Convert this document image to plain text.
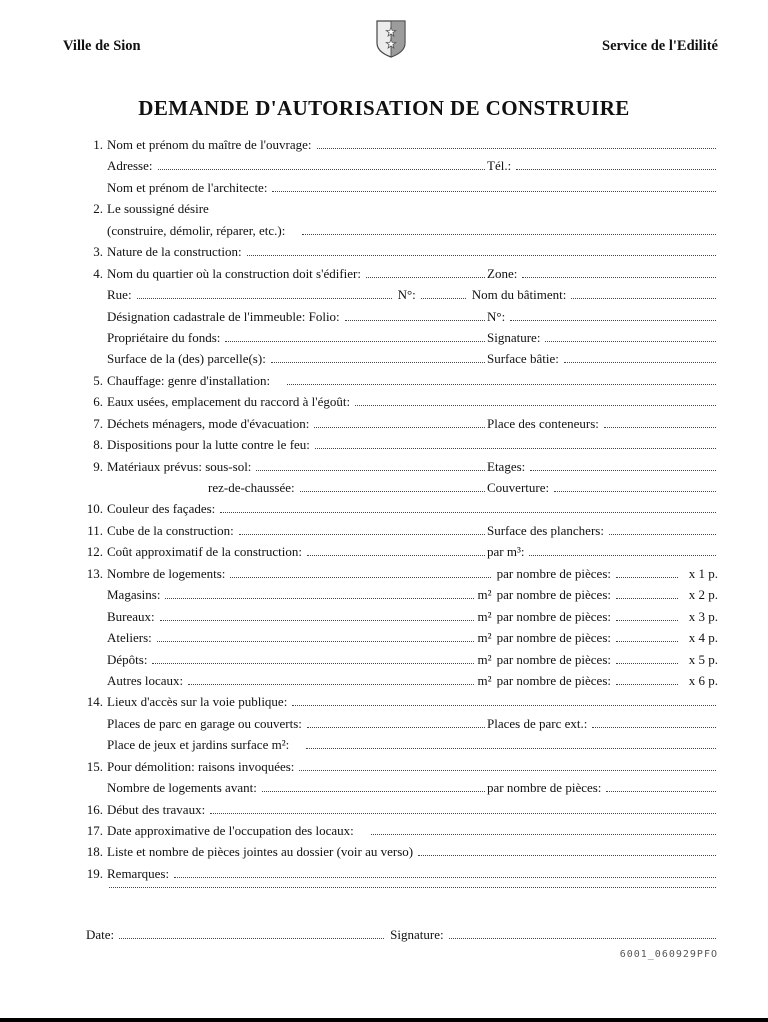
Ville de Sion	Service de l'Edilité
DEMANDE D'AUTORISATION DE CONSTRUIRE
1. Nom et prénom du maître de l'ouvrage:
Adresse:	Tél.:
Nom et prénom de l'architecte:
2. Le soussigné désire
(construire, démolir, réparer, etc.):
3. Nature de la construction:
4. Nom du quartier où la construction doit s'édifier:	Zone:
Rue:	N°:	Nom du bâtiment:
Désignation cadastrale de l'immeuble: Folio:	N°:
Propriétaire du fonds:	Signature:
Surface de la (des) parcelle(s):	Surface bâtie:
5. Chauffage: genre d'installation:
6. Eaux usées, emplacement du raccord à l'égoût:
7. Déchets ménagers, mode d'évacuation:	Place des conteneurs:
8. Dispositions pour la lutte contre le feu:
9. Matériaux prévus: sous-sol:	Etages:
rez-de-chaussée:	Couverture:
10. Couleur des façades:
11. Cube de la construction:	Surface des planchers:
12. Coût approximatif de la construction:	par m³:
13. Nombre de logements:	par nombre de pièces:	x 1 p.
Magasins:	m² par nombre de pièces:	x 2 p.
Bureaux:	m² par nombre de pièces:	x 3 p.
Ateliers:	m² par nombre de pièces:	x 4 p.
Dépôts:	m² par nombre de pièces:	x 5 p.
Autres locaux:	m² par nombre de pièces:	x 6 p.
14. Lieux d'accès sur la voie publique:
Places de parc en garage ou couverts:	Places de parc ext.:
Place de jeux et jardins surface m²:
15. Pour démolition: raisons invoquées:
Nombre de logements avant:	par nombre de pièces:
16. Début des travaux:
17. Date approximative de l'occupation des locaux:
18. Liste et nombre de pièces jointes au dossier (voir au verso)
19. Remarques:
Date:	Signature:
6001_060929PFO
